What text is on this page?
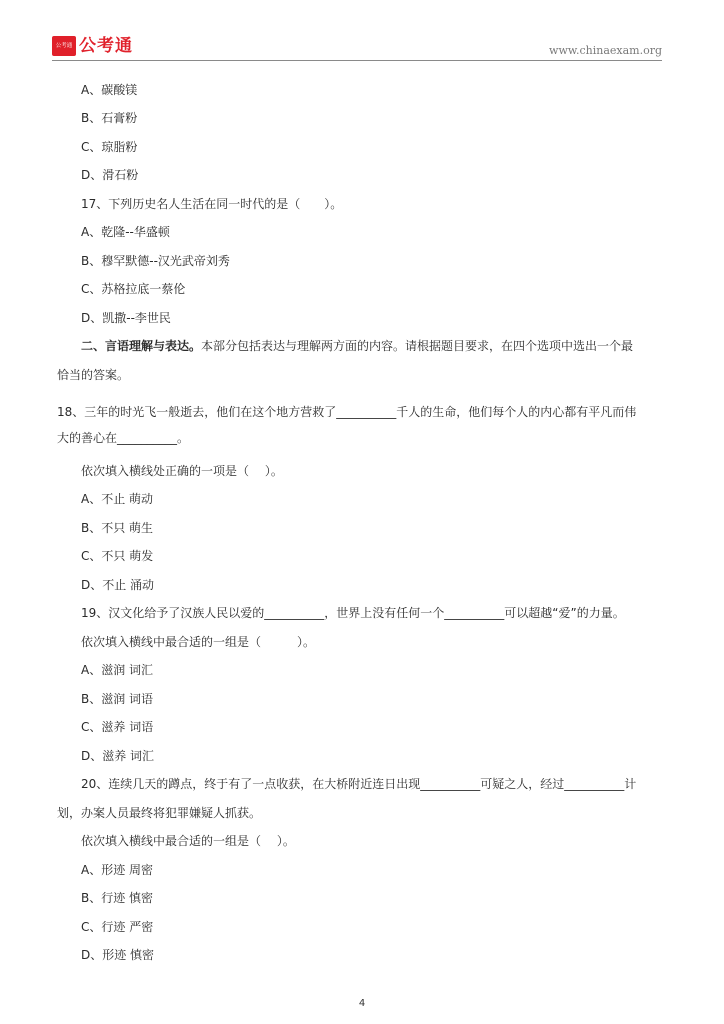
公考通 公考通	www.chinaexam.org
A、碳酸镁
B、石膏粉
C、琼脂粉
D、滑石粉
17、下列历史名人生活在同一时代的是（　　）。
A、乾隆--华盛顿
B、穆罕默德--汉光武帝刘秀
C、苏格拉底一蔡伦
D、凯撒--李世民
二、言语理解与表达。本部分包括表达与理解两方面的内容。请根据题目要求，在四个选项中选出一个最
恰当的答案。
18、三年的时光飞一般逝去，他们在这个地方营救了__________千人的生命，他们每个人的内心都有平凡而伟
大的善心在__________。
依次填入横线处正确的一项是（　 ）。
A、不止 萌动
B、不只 萌生
C、不只 萌发
D、不止 涌动
19、汉文化给予了汉族人民以爱的__________，世界上没有任何一个__________可以超越“爱”的力量。
依次填入横线中最合适的一组是（　　　）。
A、滋润 词汇
B、滋润 词语
C、滋养 词语
D、滋养 词汇
20、连续几天的蹲点，终于有了一点收获，在大桥附近连日出现__________可疑之人，经过__________计
划，办案人员最终将犯罪嫌疑人抓获。
依次填入横线中最合适的一组是（　 ）。
A、形迹 周密
B、行迹 慎密
C、行迹 严密
D、形迹 慎密
4
